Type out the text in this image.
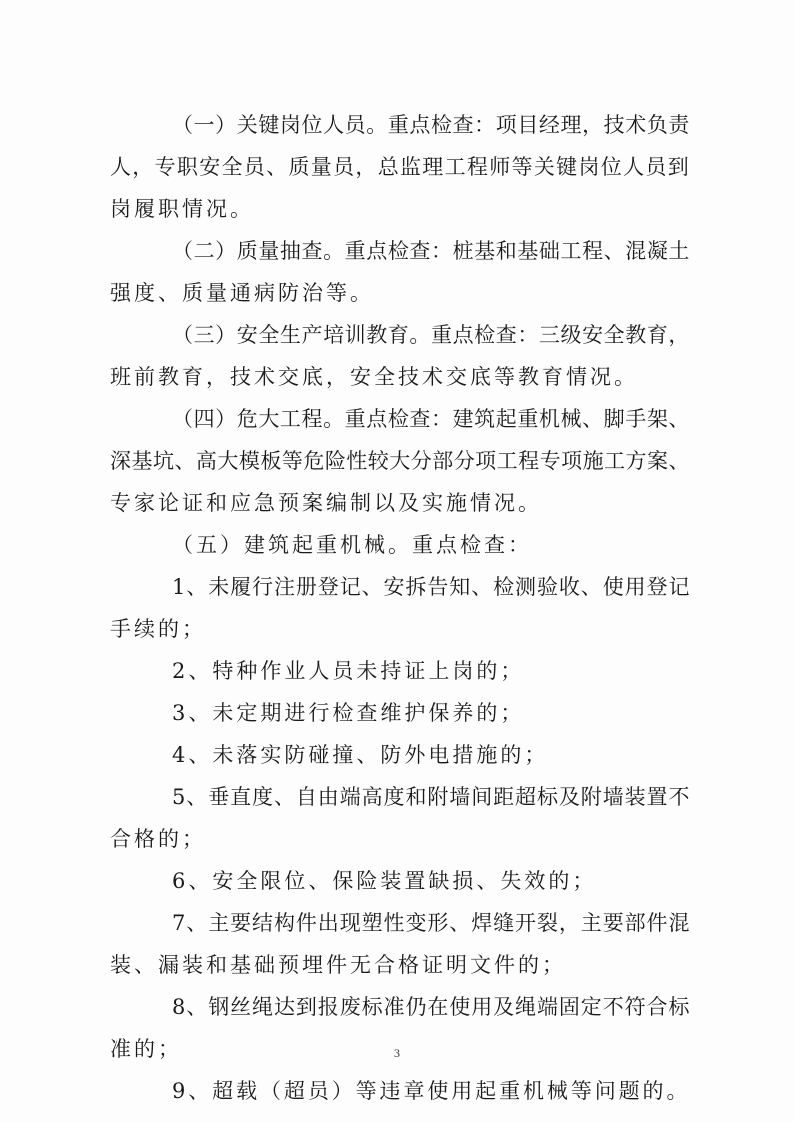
（一）关键岗位人员。重点检查：项目经理，技术负责
人，专职安全员、质量员，总监理工程师等关键岗位人员到
岗履职情况。
（二）质量抽查。重点检查：桩基和基础工程、混凝土
强度、质量通病防治等。
（三）安全生产培训教育。重点检查：三级安全教育，
班前教育，技术交底，安全技术交底等教育情况。
（四）危大工程。重点检查：建筑起重机械、脚手架、
深基坑、高大模板等危险性较大分部分项工程专项施工方案、
专家论证和应急预案编制以及实施情况。
（五）建筑起重机械。重点检查：
1、未履行注册登记、安拆告知、检测验收、使用登记
手续的；
2、特种作业人员未持证上岗的；
3、未定期进行检查维护保养的；
4、未落实防碰撞、防外电措施的；
5、垂直度、自由端高度和附墙间距超标及附墙装置不
合格的；
6、安全限位、保险装置缺损、失效的；
7、主要结构件出现塑性变形、焊缝开裂，主要部件混
装、漏装和基础预埋件无合格证明文件的；
8、钢丝绳达到报废标准仍在使用及绳端固定不符合标
准的；
9、超载（超员）等违章使用起重机械等问题的。
3
